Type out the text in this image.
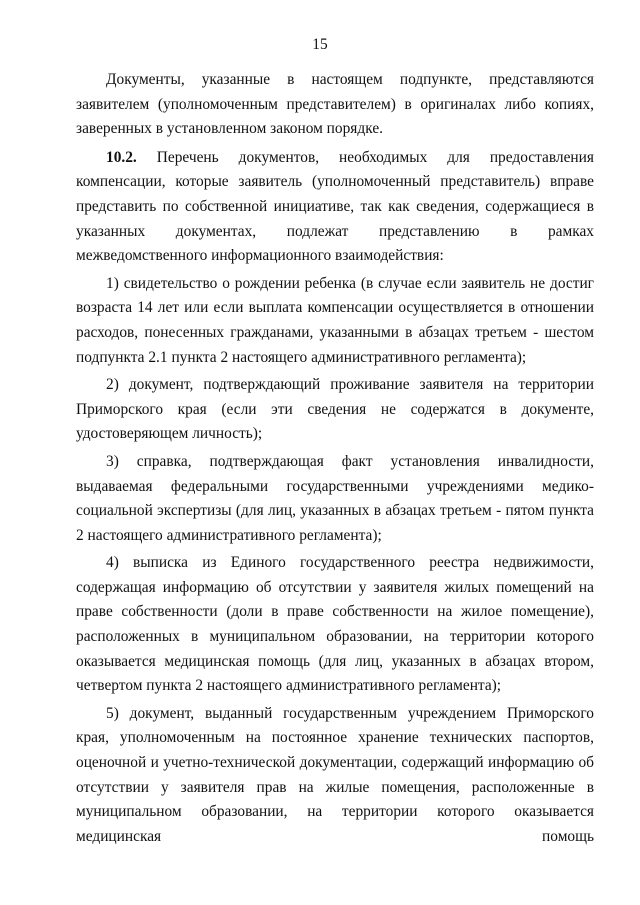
15

Документы, указанные в настоящем подпункте, представляются заявителем (уполномоченным представителем) в оригиналах либо копиях, заверенных в установленном законом порядке.

10.2. Перечень документов, необходимых для предоставления компенсации, которые заявитель (уполномоченный представитель) вправе представить по собственной инициативе, так как сведения, содержащиеся в указанных документах, подлежат представлению в рамках межведомственного информационного взаимодействия:

1) свидетельство о рождении ребенка (в случае если заявитель не достиг возраста 14 лет или если выплата компенсации осуществляется в отношении расходов, понесенных гражданами, указанными в абзацах третьем - шестом подпункта 2.1 пункта 2 настоящего административного регламента);

2) документ, подтверждающий проживание заявителя на территории Приморского края (если эти сведения не содержатся в документе, удостоверяющем личность);

3) справка, подтверждающая факт установления инвалидности, выдаваемая федеральными государственными учреждениями медико-социальной экспертизы (для лиц, указанных в абзацах третьем - пятом пункта 2 настоящего административного регламента);

4) выписка из Единого государственного реестра недвижимости, содержащая информацию об отсутствии у заявителя жилых помещений на праве собственности (доли в праве собственности на жилое помещение), расположенных в муниципальном образовании, на территории которого оказывается медицинская помощь (для лиц, указанных в абзацах втором, четвертом пункта 2 настоящего административного регламента);

5) документ, выданный государственным учреждением Приморского края, уполномоченным на постоянное хранение технических паспортов, оценочной и учетно-технической документации, содержащий информацию об отсутствии у заявителя прав на жилые помещения, расположенные в муниципальном образовании, на территории которого оказывается медицинская помощь
